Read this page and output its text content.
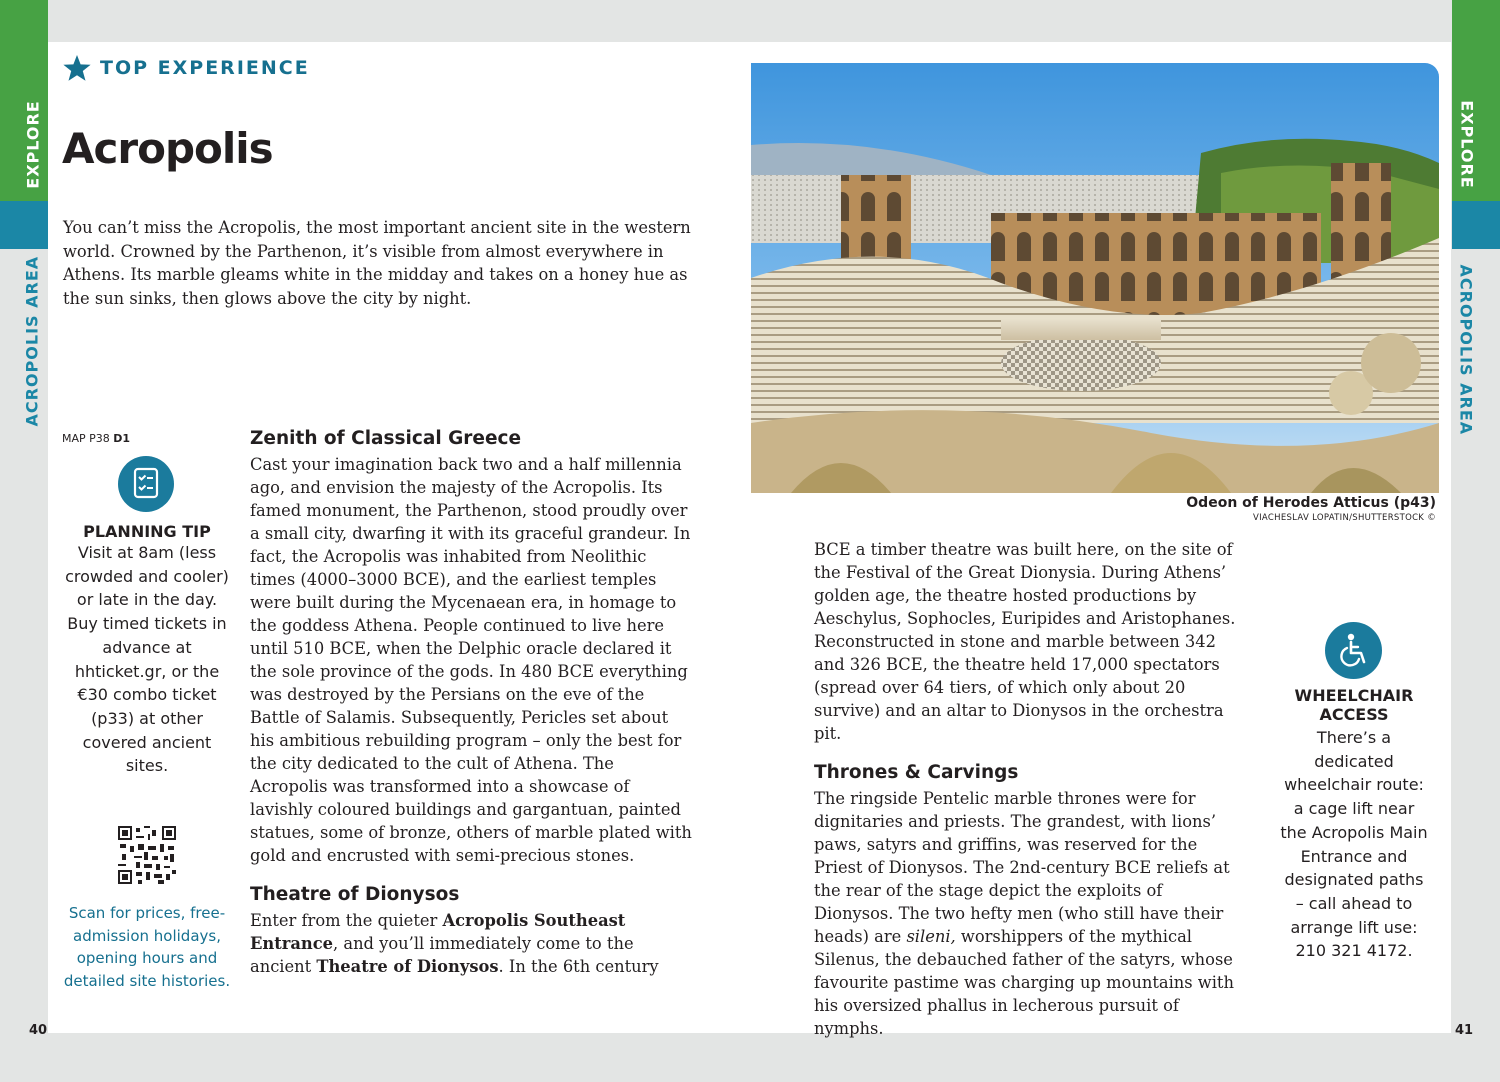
EXPLORE
ACROPOLIS AREA
EXPLORE
ACROPOLIS AREA
40	41
TOP EXPERIENCE
Acropolis
You can’t miss the Acropolis, the most important ancient site in the western world. Crowned by the Parthenon, it’s visible from almost everywhere in Athens. Its marble gleams white in the midday and takes on a honey hue as the sun sinks, then glows above the city by night.
Odeon of Herodes Atticus (p43)
VIACHESLAV LOPATIN/SHUTTERSTOCK ©
MAP P38 D1
PLANNING TIP
Visit at 8am (less crowded and cooler) or late in the day. Buy timed tickets in advance at hhticket.gr, or the €30 combo ticket (p33) at other covered ancient sites.
Scan for prices, free-admission holidays, opening hours and detailed site histories.
Zenith of Classical Greece

Cast your imagination back two and a half millennia ago, and envision the majesty of the Acropolis. Its famed monument, the Parthenon, stood proudly over a small city, dwarfing it with its graceful grandeur. In fact, the Acropolis was inhabited from Neolithic times (4000–3000 BCE), and the earliest temples were built during the Mycenaean era, in homage to the goddess Athena. People continued to live here until 510 BCE, when the Delphic oracle declared it the sole province of the gods. In 480 BCE everything was destroyed by the Persians on the eve of the Battle of Salamis. Subsequently, Pericles set about his ambitious rebuilding program – only the best for the city dedicated to the cult of Athena. The Acropolis was transformed into a showcase of lavishly coloured buildings and gargantuan, painted statues, some of bronze, others of marble plated with gold and encrusted with semi-precious stones.

Theatre of Dionysos

Enter from the quieter Acropolis Southeast Entrance, and you’ll immediately come to the ancient Theatre of Dionysos. In the 6th century

BCE a timber theatre was built here, on the site of the Festival of the Great Dionysia. During Athens’ golden age, the theatre hosted productions by Aeschylus, Sophocles, Euripides and Aristophanes. Reconstructed in stone and marble between 342 and 326 BCE, the theatre held 17,000 spectators (spread over 64 tiers, of which only about 20 survive) and an altar to Dionysos in the orchestra pit.

Thrones & Carvings

The ringside Pentelic marble thrones were for dignitaries and priests. The grandest, with lions’ paws, satyrs and griffins, was reserved for the Priest of Dionysos. The 2nd-century BCE reliefs at the rear of the stage depict the exploits of Dionysos. The two hefty men (who still have their heads) are sileni, worshippers of the mythical Silenus, the debauched father of the satyrs, whose favourite pastime was charging up mountains with his oversized phallus in lecherous pursuit of nymphs.

WHEELCHAIR ACCESS
There’s a dedicated wheelchair route: a cage lift near the Acropolis Main Entrance and designated paths – call ahead to arrange lift use: 210 321 4172.
